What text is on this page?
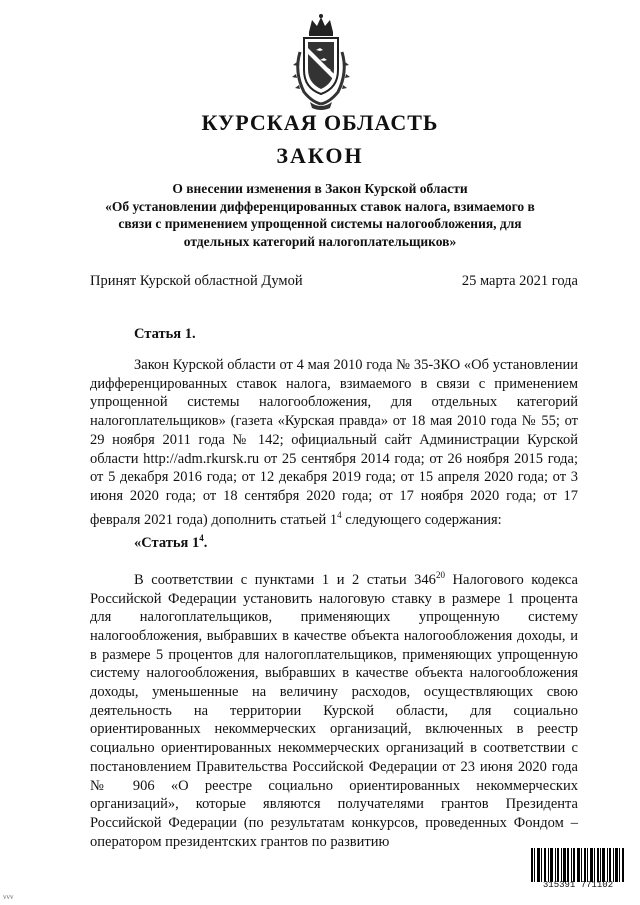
КУРСКАЯ ОБЛАСТЬ
ЗАКОН
О внесении изменения в Закон Курской области
«Об установлении дифференцированных ставок налога, взимаемого в
связи с применением упрощенной системы налогообложения, для
отдельных категорий налогоплательщиков»
Принят Курской областной Думой	25 марта 2021 года
Статья 1.

Закон Курской области от 4 мая 2010 года № 35-ЗКО «Об установлении дифференцированных ставок налога, взимаемого в связи с применением упрощенной системы налогообложения, для отдельных категорий налогоплательщиков» (газета «Курская правда» от 18 мая 2010 года № 55; от 29 ноября 2011 года № 142; официальный сайт Администрации Курской области http://adm.rkursk.ru от 25 сентября 2014 года; от 26 ноября 2015 года; от 5 декабря 2016 года; от 12 декабря 2019 года; от 15 апреля 2020 года; от 3 июня 2020 года; от 18 сентября 2020 года; от 17 ноября 2020 года; от 17 февраля 2021 года) дополнить статьей $1^4$ следующего содержания:

«Статья $1^4$.

В соответствии с пунктами 1 и 2 статьи $346^{20}$ Налогового кодекса Российской Федерации установить налоговую ставку в размере 1 процента для налогоплательщиков, применяющих упрощенную систему налогообложения, выбравших в качестве объекта налогообложения доходы, и в размере 5 процентов для налогоплательщиков, применяющих упрощенную систему налогообложения, выбравших в качестве объекта налогообложения доходы, уменьшенные на величину расходов, осуществляющих свою деятельность на территории Курской области, для социально ориентированных некоммерческих организаций, включенных в реестр социально ориентированных некоммерческих организаций в соответствии с постановлением Правительства Российской Федерации от 23 июня 2020 года № 906 «О реестре социально ориентированных некоммерческих организаций», которые являются получателями грантов Президента Российской Федерации (по результатам конкурсов, проведенных Фондом – оператором президентских грантов по развитию

315391 771102
vvv
